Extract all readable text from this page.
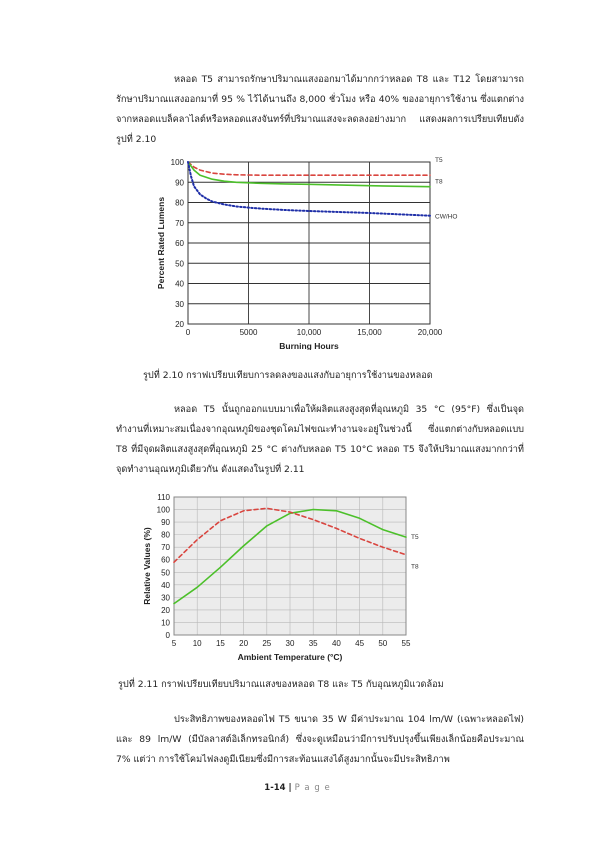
หลอด T5 สามารถรักษาปริมาณแสงออกมาได้มากกว่าหลอด T8 และ T12 โดยสามารถรักษาปริมาณแสงออกมาที่ 95 % ไว้ได้นานถึง 8,000 ชั่วโมง หรือ 40% ของอายุการใช้งาน ซึ่งแตกต่างจากหลอดแบล็คลาไลต์หรือหลอดแสงจันทร์ที่ปริมาณแสงจะลดลงอย่างมาก แสดงผลการเปรียบเทียบดังรูปที่ 2.10
20
30
40
50
60
70
80
90
100
0	5000	10,000	15,000	20,000
Burning Hours
Percent Rated Lumens
T5
T8
CW/HO
รูปที่ 2.10 กราฟเปรียบเทียบการลดลงของแสงกับอายุการใช้งานของหลอด
หลอด T5 นั้นถูกออกแบบมาเพื่อให้ผลิตแสงสูงสุดที่อุณหภูมิ 35 °C (95°F) ซึ่งเป็นจุดทำงานที่เหมาะสมเนื่องจากอุณหภูมิของชุดโคมไฟขณะทำงานจะอยู่ในช่วงนี้ ซึ่งแตกต่างกับหลอดแบบ T8 ที่มีจุดผลิตแสงสูงสุดที่อุณหภูมิ 25 °C ต่างกับหลอด T5 10°C หลอด T5 จึงให้ปริมาณแสงมากกว่าที่จุดทำงานอุณหภูมิเดียวกัน ดังแสดงในรูปที่ 2.11
0
10
20
30
40
50
60
70
80
90
100
110
5 10 15 20 25 30 35 40 45 50 55
Ambient Temperature (°C)
Relative Values (%)	T5
T8
รูปที่ 2.11 กราฟเปรียบเทียบปริมาณแสงของหลอด T8 และ T5 กับอุณหภูมิแวดล้อม
ประสิทธิภาพของหลอดไฟ T5 ขนาด 35 W มีค่าประมาณ 104 lm/W (เฉพาะหลอดไฟ) และ 89 lm/W (มีบัลลาสต์อิเล็กทรอนิกส์) ซึ่งจะดูเหมือนว่ามีการปรับปรุงขึ้นเพียงเล็กน้อยคือประมาณ 7% แต่ว่า การใช้โคมไฟลงดูมีเนียมซึ่งมีการสะท้อนแสงได้สูงมากนั้นจะมีประสิทธิภาพ
1-14 | P a g e
